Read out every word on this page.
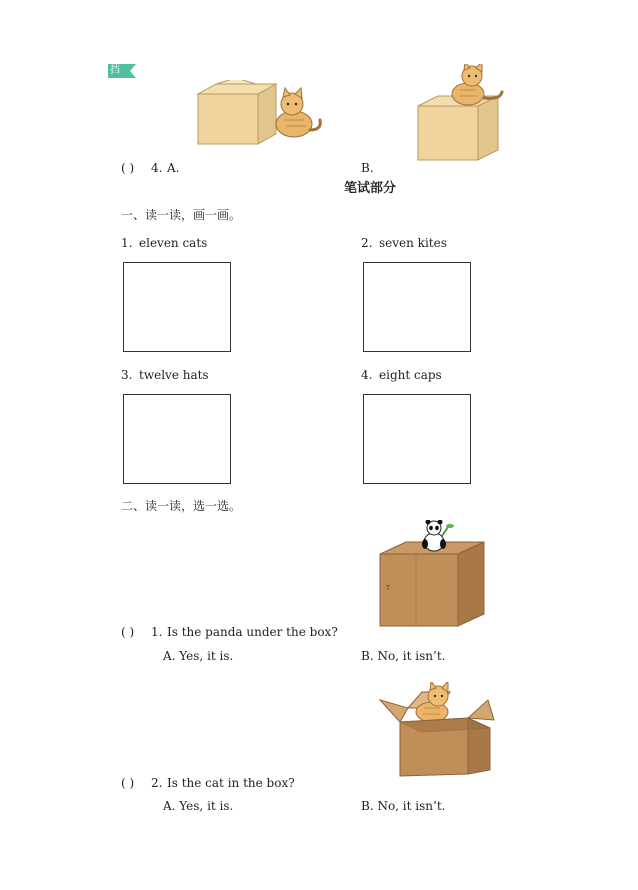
挡
( ) 4. A.	B.
笔试部分
一、读一读，画一画。
1. eleven cats	2. seven kites
3. twelve hats	4. eight caps
二、读一读，选一选。
T
( ) 1. Is the panda under the box?
A. Yes, it is.	B. No, it isn’t.
( ) 2. Is the cat in the box?
A. Yes, it is.	B. No, it isn’t.
